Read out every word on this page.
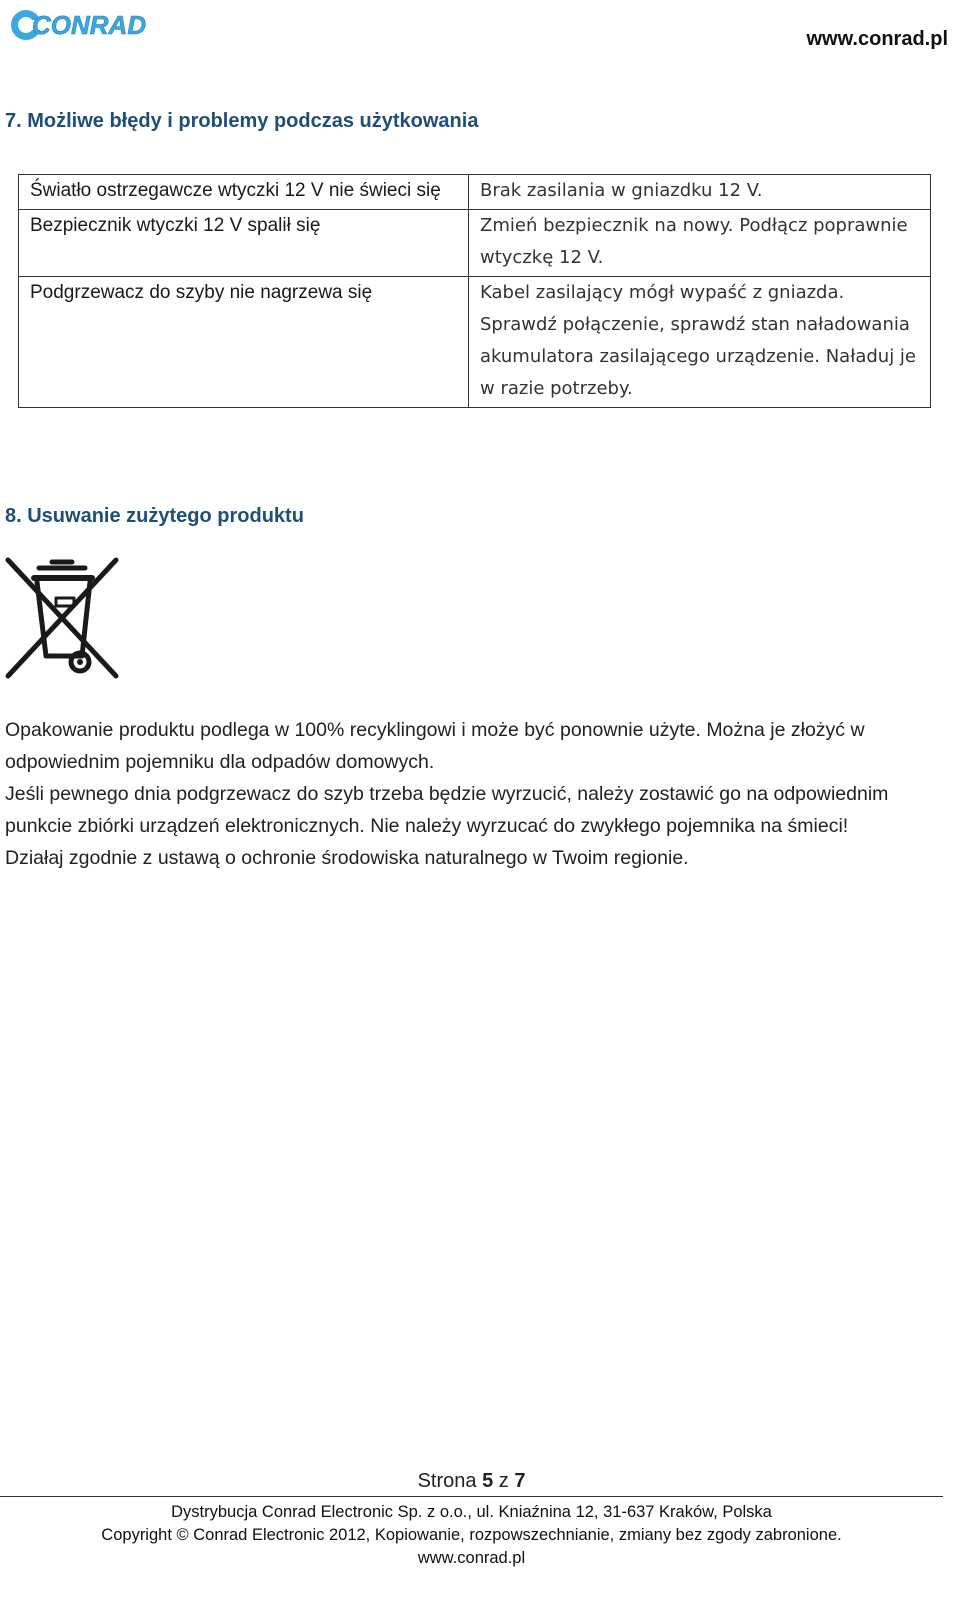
CONRAD	www.conrad.pl
7. Możliwe błędy i problemy podczas użytkowania
Światło ostrzegawcze wtyczki 12 V nie świeci się	Brak zasilania w gniazdku 12 V.
Bezpiecznik wtyczki 12 V spalił się	Zmień bezpiecznik na nowy. Podłącz poprawnie wtyczkę 12 V.
Podgrzewacz do szyby nie nagrzewa się	Kabel zasilający mógł wypaść z gniazda. Sprawdź połączenie, sprawdź stan naładowania akumulatora zasilającego urządzenie. Naładuj je w razie potrzeby.
8. Usuwanie zużytego produktu

Opakowanie produktu podlega w 100% recyklingowi i może być ponownie użyte. Można je złożyć w odpowiednim pojemniku dla odpadów domowych.

Jeśli pewnego dnia podgrzewacz do szyb trzeba będzie wyrzucić, należy zostawić go na odpowiednim punkcie zbiórki urządzeń elektronicznych. Nie należy wyrzucać do zwykłego pojemnika na śmieci!

Działaj zgodnie z ustawą o ochronie środowiska naturalnego w Twoim regionie.

Strona 5 z 7
Dystrybucja Conrad Electronic Sp. z o.o., ul. Kniaźnina 12, 31-637 Kraków, Polska
Copyright © Conrad Electronic 2012, Kopiowanie, rozpowszechnianie, zmiany bez zgody zabronione.
www.conrad.pl
